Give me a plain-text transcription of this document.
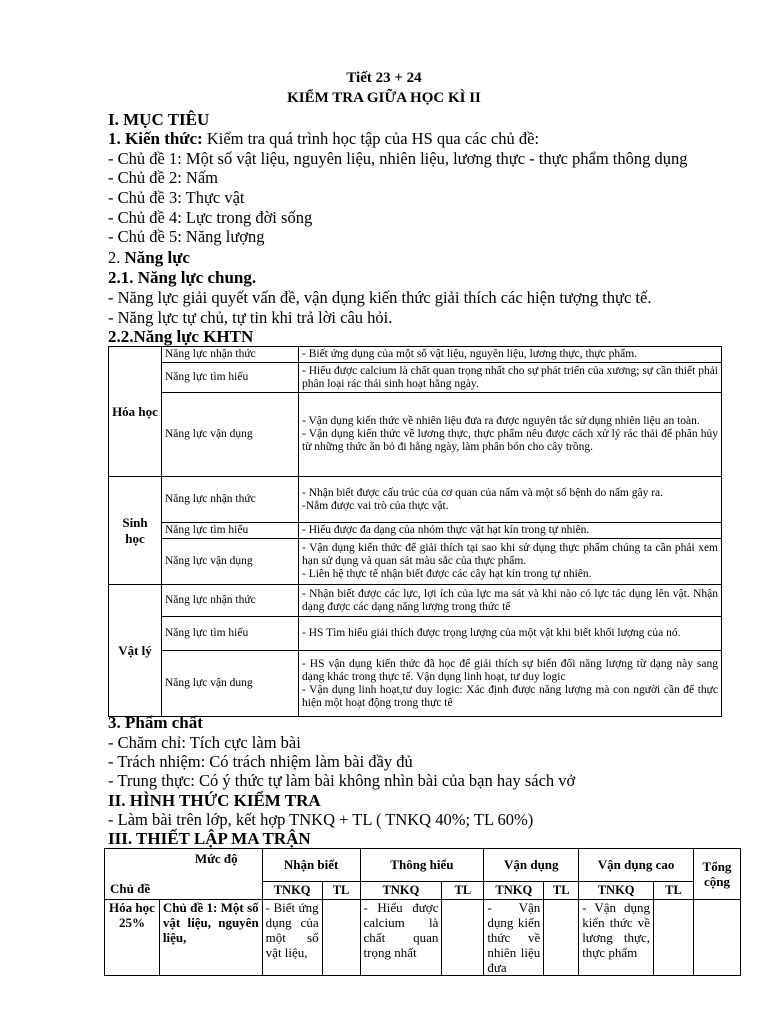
Tiết 23 + 24
KIỂM TRA GIỮA HỌC KÌ II
I. MỤC TIÊU
1. Kiến thức: Kiểm tra quá trình học tập của HS qua các chủ đề:
- Chủ đề 1: Một số vật liệu, nguyên liệu, nhiên liệu, lương thực - thực phẩm thông dụng
- Chủ đề 2: Nấm
- Chủ đề 3: Thực vật
- Chủ đề 4: Lực trong đời sống
- Chủ đề 5: Năng lượng
2. Năng lực
2.1. Năng lực chung.
- Năng lực giải quyết vấn đề, vận dụng kiến thức giải thích các hiện tượng thực tế.
- Năng lực tự chủ, tự tin khi trả lời câu hỏi.
2.2.Năng lực KHTN
Hóa học	Năng lực nhận thức	- Biết ứng dụng của một số vật liệu, nguyên liệu, lương thực, thực phẩm.

	Năng lực tìm hiểu	- Hiểu được calcium là chất quan trọng nhất cho sự phát triển của xương; sự cần thiết phải phân loại rác thải sinh hoạt hằng ngày.

	Năng lực vận dụng	- Vận dụng kiến thức về nhiên liệu đưa ra được nguyên tắc sử dụng nhiên liệu an toàn.
- Vận dụng kiến thức về lương thực, thực phẩm nêu được cách xử lý rác thải để phân hủy từ những thức ăn bỏ đi hằng ngày, làm phân bón cho cây trồng.

Sinh học	Năng lực nhận thức	- Nhận biết được cấu trúc của cơ quan của nấm và một số bệnh do nấm gây ra.
-Nắm được vai trò của thực vật.

	Năng lực tìm hiểu	- Hiểu được đa dạng của nhóm thực vật hạt kín trong tự nhiên.

	Năng lực vận dụng	- Vận dụng kiến thức để giải thích tại sao khi sử dụng thực phẩm chúng ta cần phải xem hạn sử dụng và quan sát màu sắc của thực phẩm.
- Liên hệ thực tế nhận biết được các cây hạt kín trong tự nhiên.

Vật lý	Năng lực nhận thức	- Nhận biết được các lực, lợi ích của lực ma sát và khi nào có lực tác dụng lên vật. Nhận dạng được các dạng năng lượng trong thức tế

	Năng lực tìm hiểu	- HS Tìm hiểu giải thích được trọng lượng của một vật khi biết khối lượng của nó.

	Năng lực vận dung	- HS vận dụng kiến thức đã học để giải thích sự biến đổi năng lượng từ dạng này sang dạng khác trong thực tế. Vận dụng linh hoạt, tư duy logic
- Vận dụng linh hoạt,tư duy logic: Xác định được năng lượng mà con người cần để thực hiện một hoạt động trong thực tế
3. Phẩm chất
- Chăm chỉ: Tích cực làm bài
- Trách nhiệm: Có trách nhiệm làm bài đầy đủ
- Trung thực: Có ý thức tự làm bài không nhìn bài của bạn hay sách vở
II. HÌNH THỨC KIỂM TRA
- Làm bài trên lớp, kết hợp TNKQ + TL ( TNKQ 40%; TL 60%)
III. THIẾT LẬP MA TRẬN
Mức độ
Chủ đề		Nhận biết		Thông hiểu		Vận dụng		Vận dụng cao		Tổng cộng
		TNKQ	TL	TNKQ	TL	TNKQ	TL	TNKQ	TL	
Hóa học 25%	Chủ đề 1: Một số vật liệu, nguyên liệu,	- Biết ứng dụng của một số vật liệu,		- Hiểu được calcium là chất quan trọng nhất		- Vận dụng kiến thức về nhiên liệu đưa		- Vận dụng kiến thức về lương thực, thực phẩm		
